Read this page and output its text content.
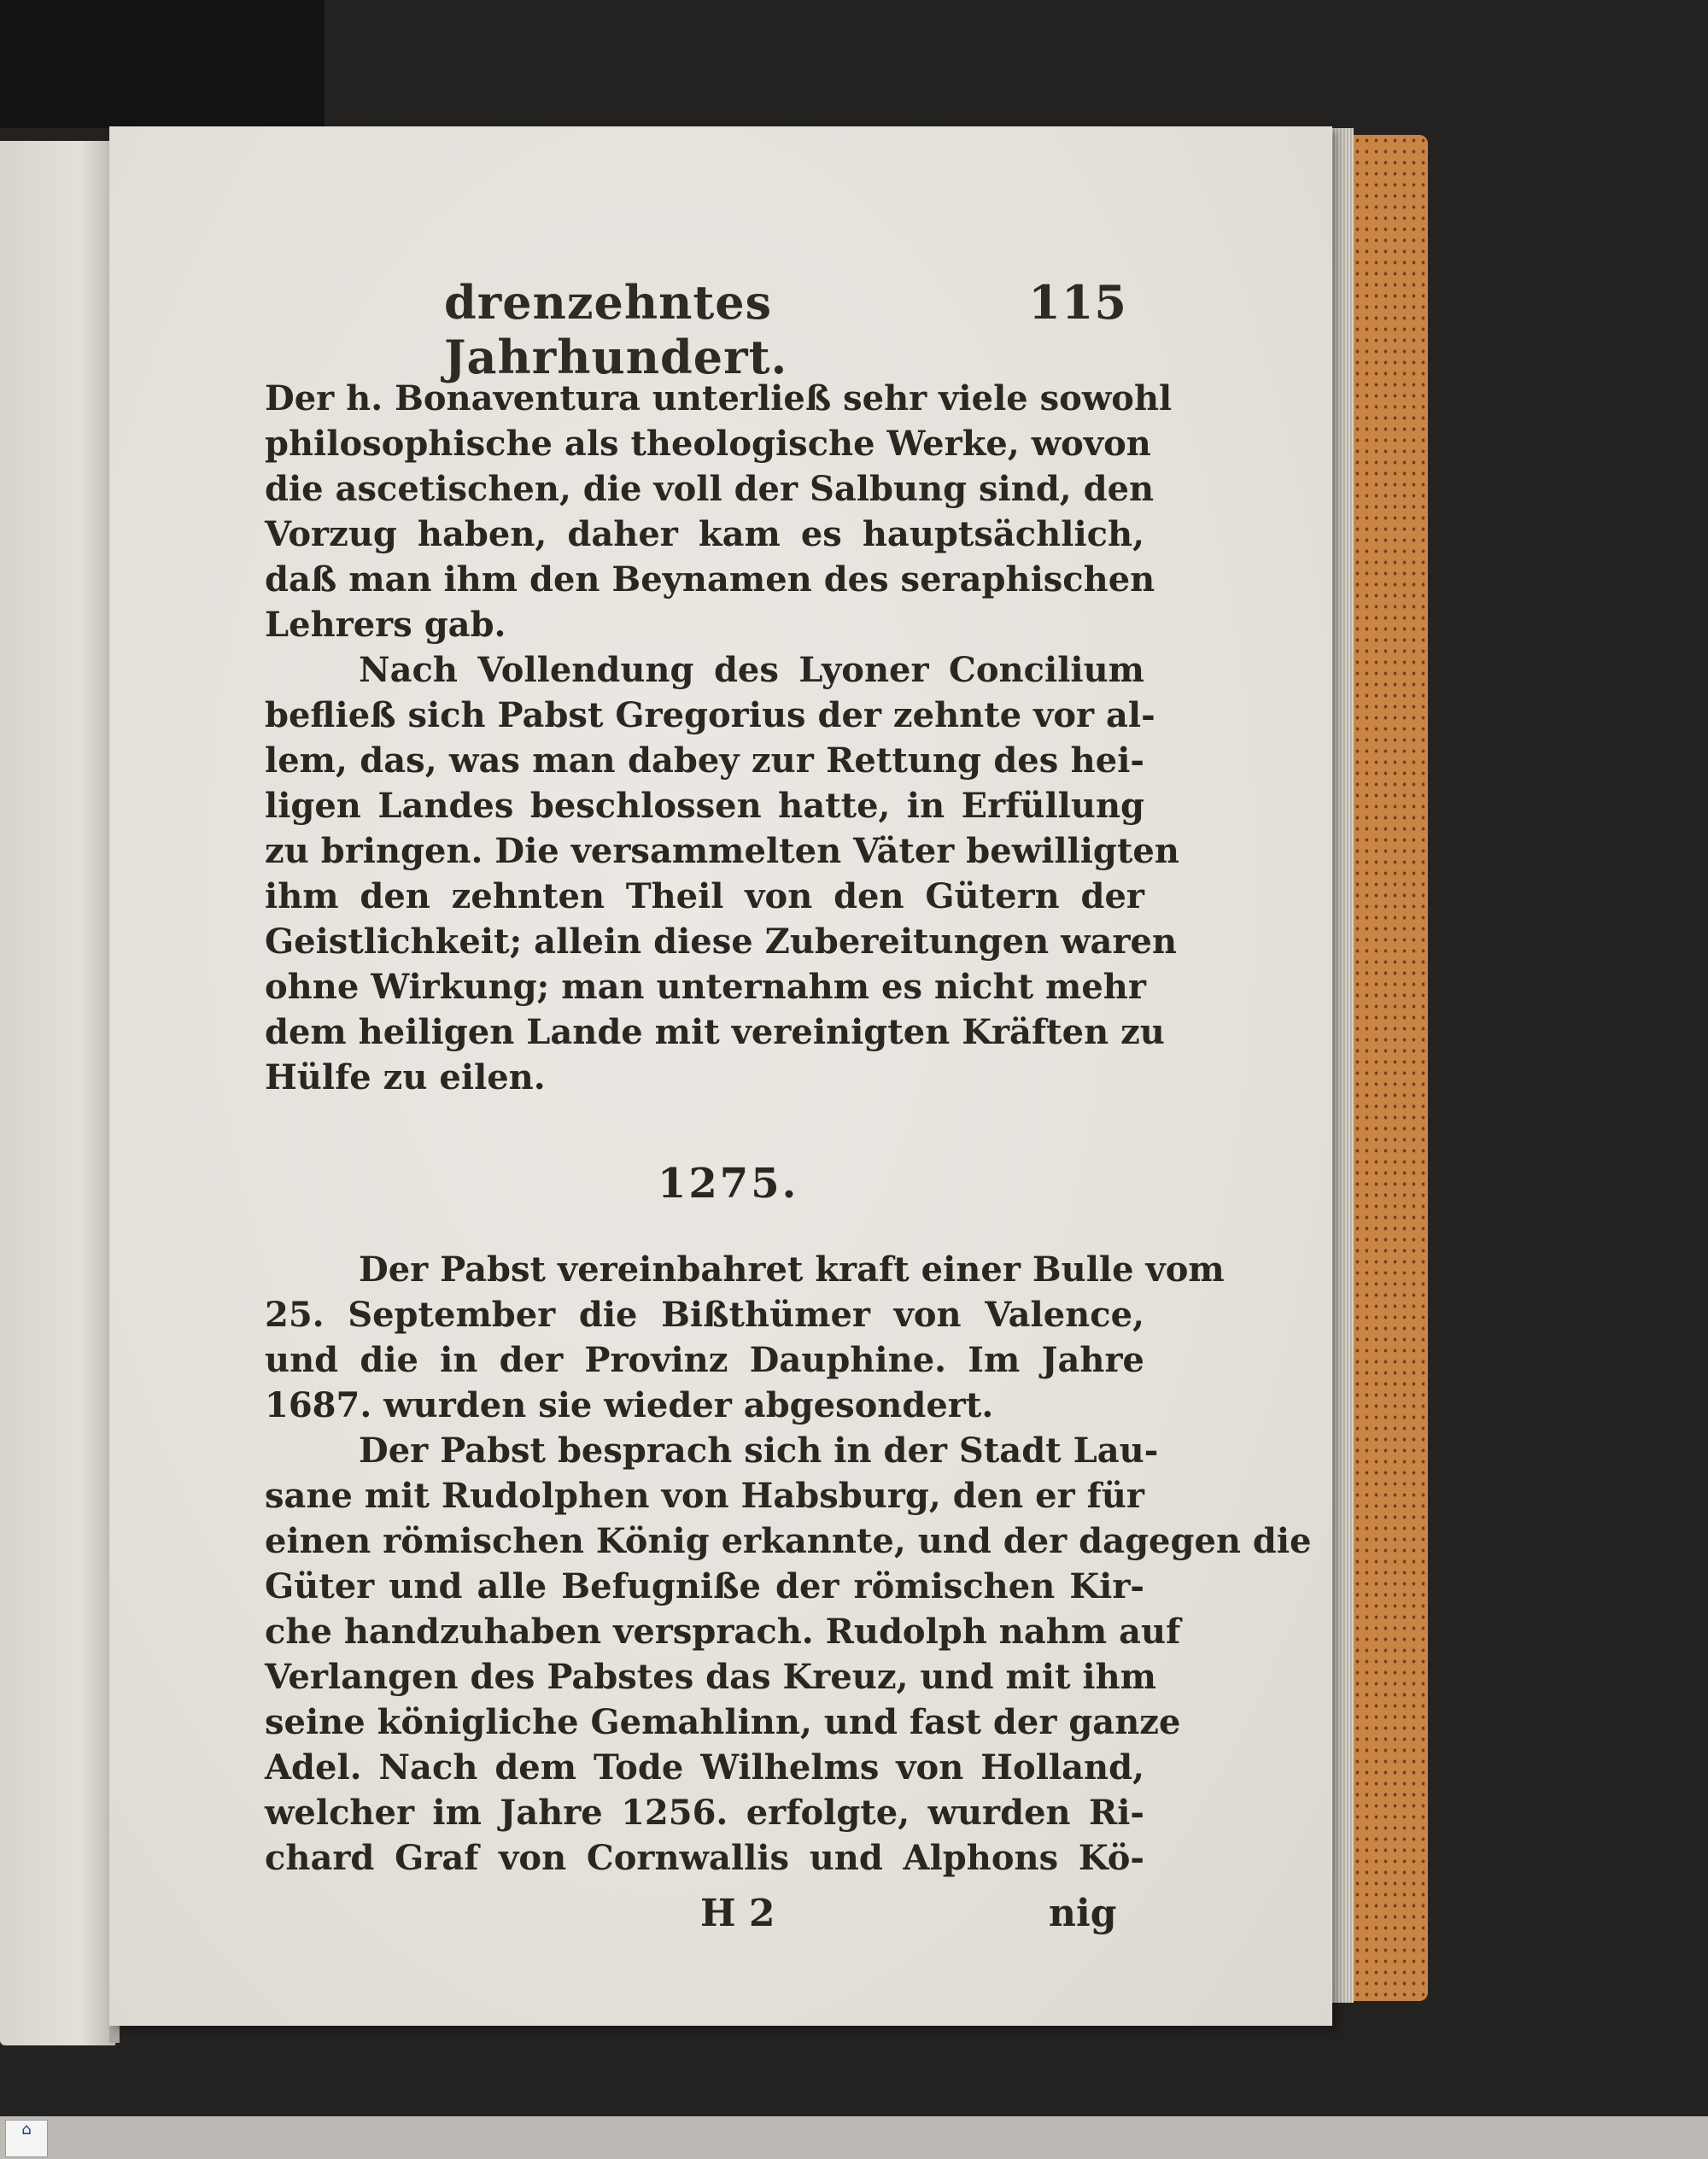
drenzehntes Jahrhundert.
115
Der h. Bonaventura unterließ sehr viele sowohl
philosophische als theologische Werke, wovon
die ascetischen, die voll der Salbung sind, den
Vorzug haben, daher kam es hauptsächlich,
daß man ihm den Beynamen des seraphischen
Lehrers gab.
Nach Vollendung des Lyoner Concilium
befließ sich Pabst Gregorius der zehnte vor al-
lem, das, was man dabey zur Rettung des hei-
ligen Landes beschlossen hatte, in Erfüllung
zu bringen. Die versammelten Väter bewilligten
ihm den zehnten Theil von den Gütern der
Geistlichkeit; allein diese Zubereitungen waren
ohne Wirkung; man unternahm es nicht mehr
dem heiligen Lande mit vereinigten Kräften zu
Hülfe zu eilen.
1275.
Der Pabst vereinbahret kraft einer Bulle vom
25. September die Bißthümer von Valence,
und die in der Provinz Dauphine. Im Jahre
1687. wurden sie wieder abgesondert.
Der Pabst besprach sich in der Stadt Lau-
sane mit Rudolphen von Habsburg, den er für
einen römischen König erkannte, und der dagegen die
Güter und alle Befugniße der römischen Kir-
che handzuhaben versprach. Rudolph nahm auf
Verlangen des Pabstes das Kreuz, und mit ihm
seine königliche Gemahlinn, und fast der ganze
Adel. Nach dem Tode Wilhelms von Holland,
welcher im Jahre 1256. erfolgte, wurden Ri-
chard Graf von Cornwallis und Alphons Kö-
H 2	nig
⌂
